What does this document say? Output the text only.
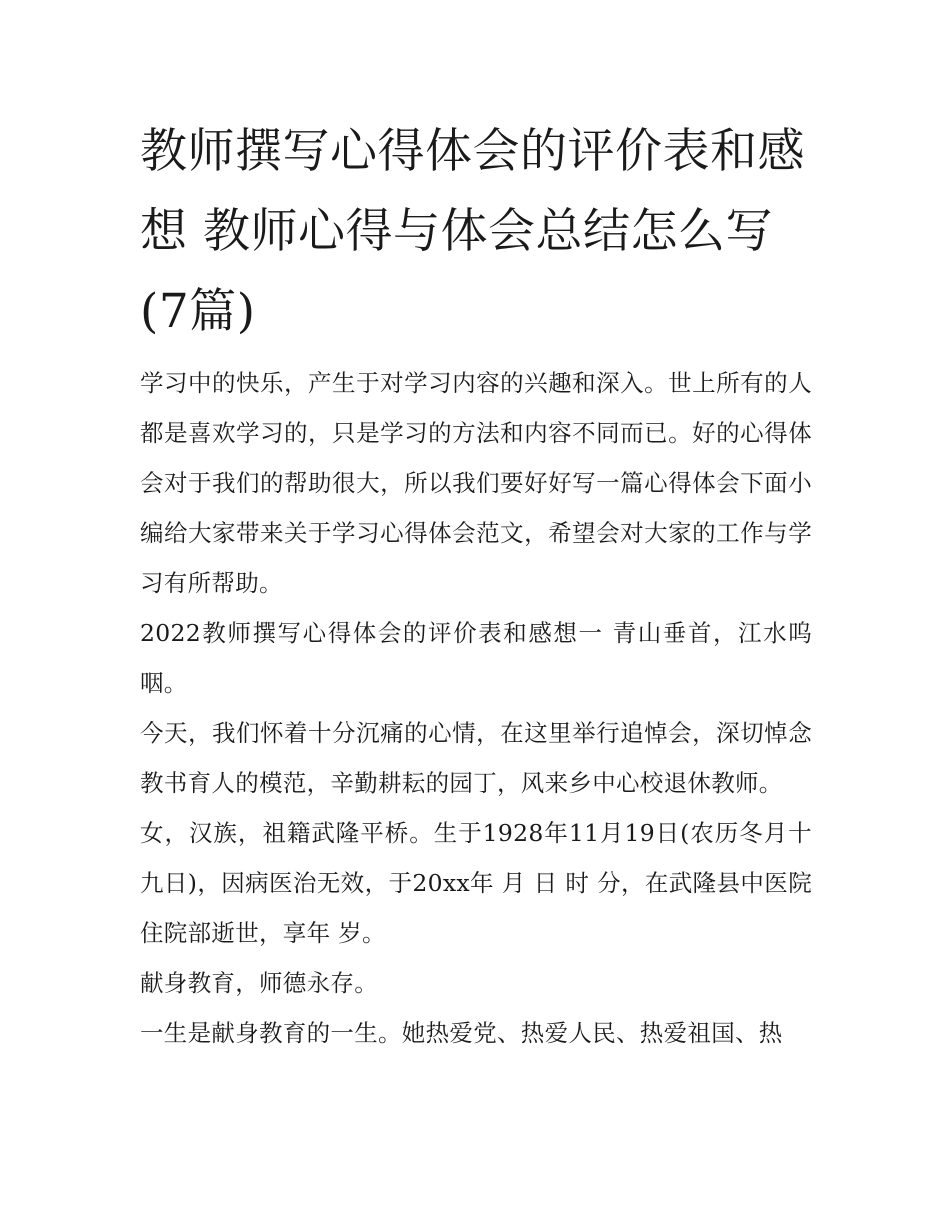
教师撰写心得体会的评价表和感想 教师心得与体会总结怎么写(7篇)

学习中的快乐，产生于对学习内容的兴趣和深入。世上所有的人都是喜欢学习的，只是学习的方法和内容不同而已。好的心得体会对于我们的帮助很大，所以我们要好好写一篇心得体会下面小编给大家带来关于学习心得体会范文，希望会对大家的工作与学习有所帮助。

2022教师撰写心得体会的评价表和感想一 青山垂首，江水呜咽。

今天，我们怀着十分沉痛的心情，在这里举行追悼会，深切悼念教书育人的模范，辛勤耕耘的园丁，风来乡中心校退休教师。

女，汉族，祖籍武隆平桥。生于1928年11月19日(农历冬月十九日)，因病医治无效，于20xx年 月 日 时 分，在武隆县中医院住院部逝世，享年 岁。

献身教育，师德永存。

一生是献身教育的一生。她热爱党、热爱人民、热爱祖国、热
